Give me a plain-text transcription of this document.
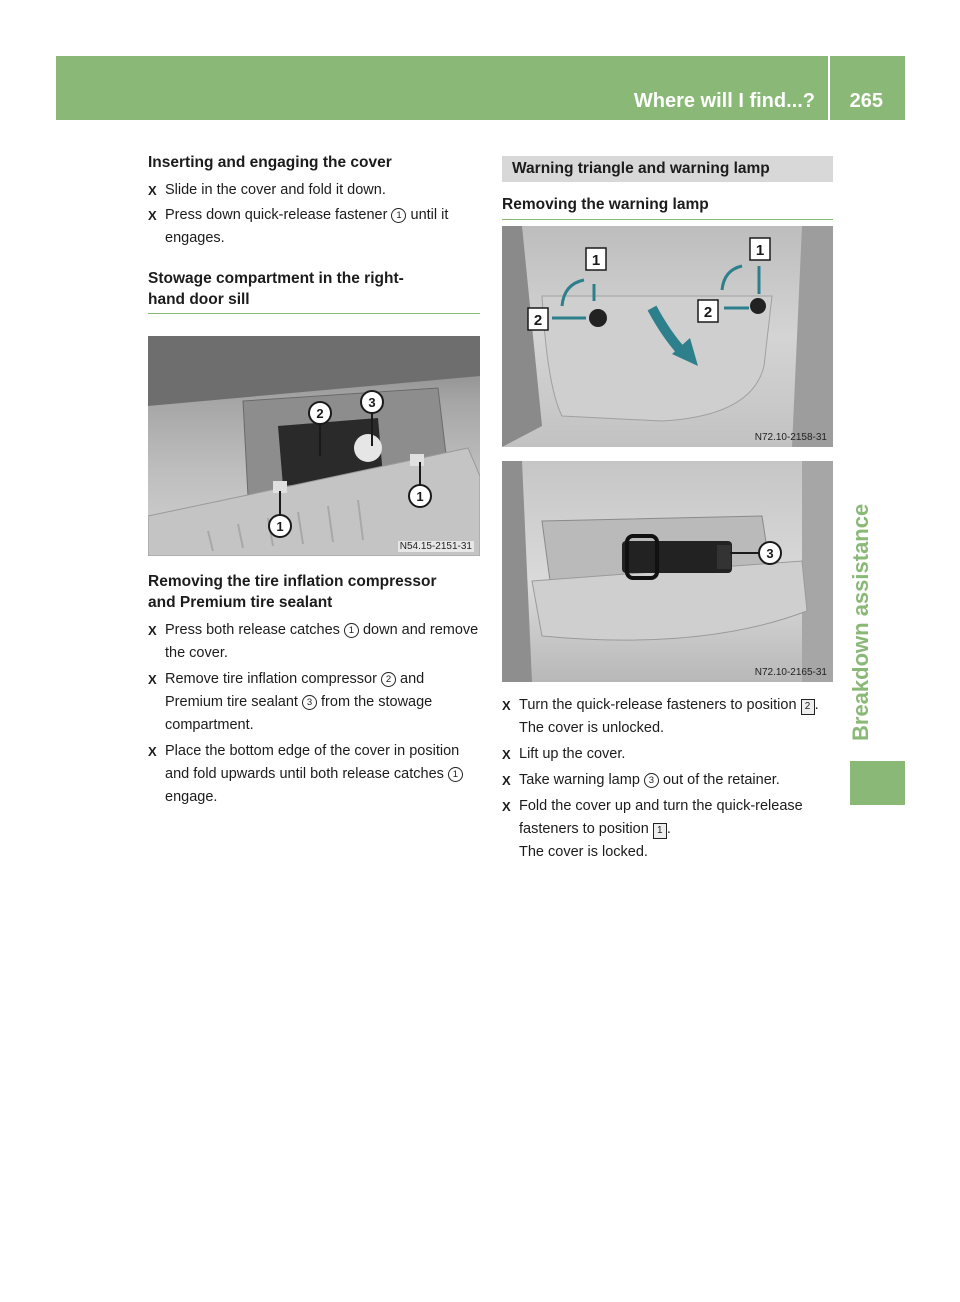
Where will I find...? 265
Breakdown assistance
Inserting and engaging the cover
X Slide in the cover and fold it down.
X Press down quick-release fastener 1 until it engages.
Stowage compartment in the right-
hand door sill
2
3
1
1
N54.15-2151-31
Removing the tire inflation compressor
and Premium tire sealant
X Press both release catches 1 down and remove the cover.
X Remove tire inflation compressor 2 and Premium tire sealant 3 from the stowage compartment.
X Place the bottom edge of the cover in position and fold upwards until both release catches 1 engage.
Warning triangle and warning lamp
Removing the warning lamp
1
2	2
1
N72.10-2158-31
3
N72.10-2165-31
X Turn the quick-release fasteners to position 2 .
The cover is unlocked.
X Lift up the cover.
X Take warning lamp 3 out of the retainer.
X Fold the cover up and turn the quick-release fasteners to position 1 .
The cover is locked.
